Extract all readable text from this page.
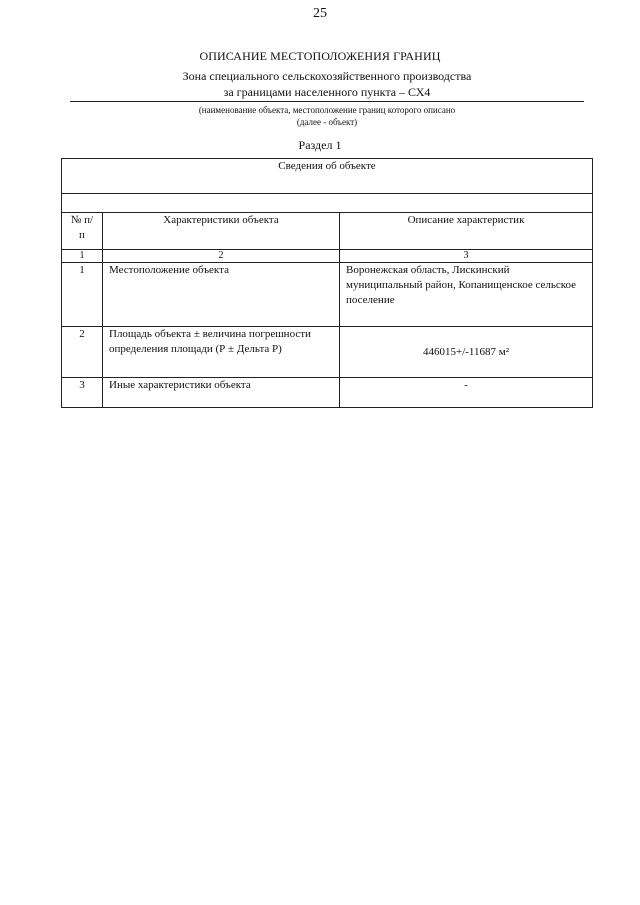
25
ОПИСАНИЕ МЕСТОПОЛОЖЕНИЯ ГРАНИЦ
Зона специального сельскохозяйственного производства
за границами населенного пункта – СХ4
(наименование объекта, местоположение границ которого описано
(далее - объект)
Раздел 1
Сведения об объекте		

№ п/п	Характеристики объекта	Описание характеристик
1	2	3
1	Местоположение объекта	Воронежская область, Лискинский муниципальный район, Копанищенское сельское поселение
2	Площадь объекта ± величина погрешности определения площади (Р ± Дельта Р)	446015+/-11687 м²
3	Иные характеристики объекта	-
